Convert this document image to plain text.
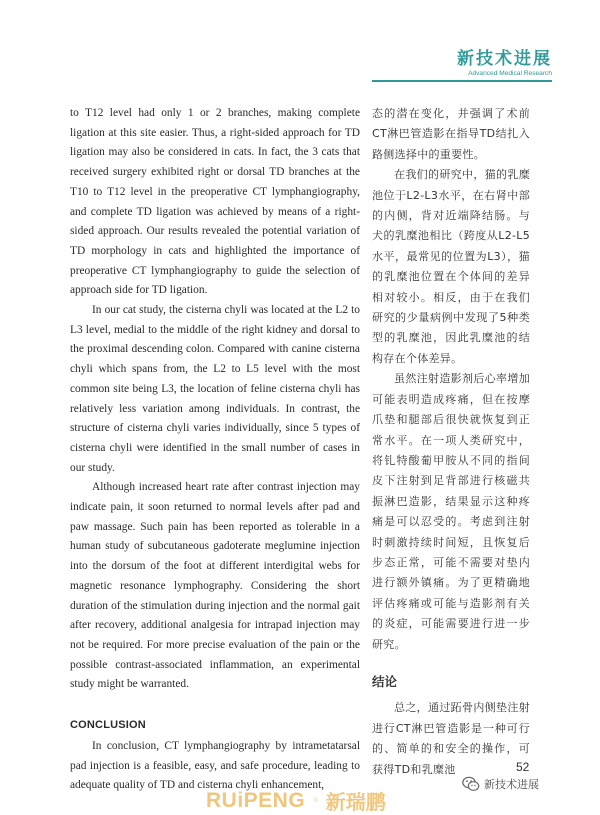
新技术进展
Advanced Medical Research

to T12 level had only 1 or 2 branches, making complete ligation at this site easier. Thus, a right-sided approach for TD ligation may also be considered in cats. In fact, the 3 cats that received surgery exhibited right or dorsal TD branches at the T10 to T12 level in the preoperative CT lymphangiography, and complete TD ligation was achieved by means of a right-sided approach. Our results revealed the potential variation of TD morphology in cats and highlighted the importance of preoperative CT lymphangiography to guide the selection of approach side for TD ligation.

In our cat study, the cisterna chyli was located at the L2 to L3 level, medial to the middle of the right kidney and dorsal to the proximal descending colon. Compared with canine cisterna chyli which spans from, the L2 to L5 level with the most common site being L3, the location of feline cisterna chyli has relatively less variation among individuals. In contrast, the structure of cisterna chyli varies individually, since 5 types of cisterna chyli were identified in the small number of cases in our study.

Although increased heart rate after contrast injection may indicate pain, it soon returned to normal levels after pad and paw massage. Such pain has been reported as tolerable in a human study of subcutaneous gadoterate meglumine injection into the dorsum of the foot at different interdigital webs for magnetic resonance lymphography. Considering the short duration of the stimulation during injection and the normal gait after recovery, additional analgesia for intrapad injection may not be required. For more precise evaluation of the pain or the possible contrast-associated inflammation, an experimental study might be warranted.

CONCLUSION

In conclusion, CT lymphangiography by intrametatarsal pad injection is a feasible, easy, and safe procedure, leading to adequate quality of TD and cisterna chyli enhancement,

态的潜在变化，并强调了术前CT淋巴管造影在指导TD结扎入路侧选择中的重要性。

在我们的研究中，猫的乳糜池位于L2-L3水平，在右肾中部的内侧，背对近端降结肠。与犬的乳糜池相比（跨度从L2-L5水平，最常见的位置为L3），猫的乳糜池位置在个体间的差异相对较小。相反，由于在我们研究的少量病例中发现了5种类型的乳糜池，因此乳糜池的结构存在个体差异。

虽然注射造影剂后心率增加可能表明造成疼痛，但在按摩爪垫和腿部后很快就恢复到正常水平。在一项人类研究中，将钆特酸葡甲胺从不同的指间皮下注射到足背部进行核磁共振淋巴造影，结果显示这种疼痛是可以忍受的。考虑到注射时刺激持续时间短，且恢复后步态正常，可能不需要对垫内进行额外镇痛。为了更精确地评估疼痛或可能与造影剂有关的炎症，可能需要进行进一步研究。

结论

总之，通过跖骨内侧垫注射进行CT淋巴管造影是一种可行的、简单的和安全的操作，可获得TD和乳糜池	52
RUiPENG ® 新瑞鹏
新技术进展
